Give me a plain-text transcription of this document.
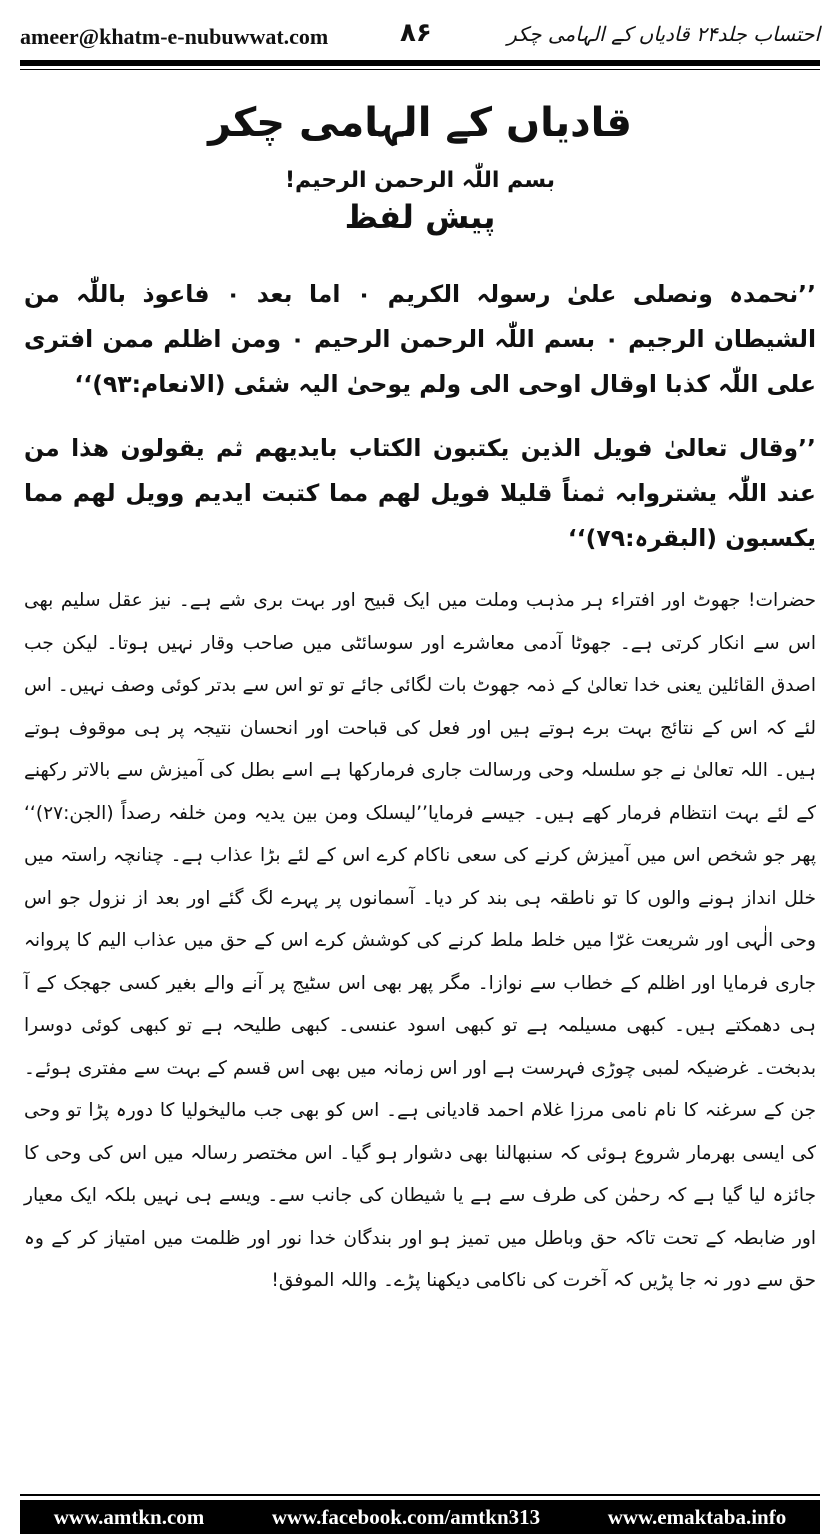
ameer@khatm-e-nubuwwat.com	۸۶	احتساب جلد۲۴ قادیاں کے الہامی چکر
قادیاں کے الہامی چکر
بسم اللّٰہ الرحمن الرحیم!
پیش لفظ

’’نحمدہ ونصلی علیٰ رسولہ الکریم ۰ اما بعد ۰ فاعوذ باللّٰہ من الشیطان الرجیم ۰ بسم اللّٰہ الرحمن الرحیم ۰ ومن اظلم ممن افتری علی اللّٰہ کذبا اوقال اوحی الی ولم یوحیٰ الیہ شئی (الانعام:۹۳)‘‘

’’وقال تعالیٰ فویل الذین یکتبون الکتاب بایدیھم ثم یقولون ھذا من عند اللّٰہ یشتروابہ ثمناً قلیلا فویل لھم مما کتبت ایدیم وویل لھم مما یکسبون (البقرہ:۷۹)‘‘

حضرات! جھوٹ اور افتراء ہر مذہب وملت میں ایک قبیح اور بہت بری شے ہے۔ نیز عقل سلیم بھی اس سے انکار کرتی ہے۔ جھوٹا آدمی معاشرے اور سوسائٹی میں صاحب وقار نہیں ہوتا۔ لیکن جب اصدق القائلین یعنی خدا تعالیٰ کے ذمہ جھوٹ بات لگائی جائے تو تو اس سے بدتر کوئی وصف نہیں۔ اس لئے کہ اس کے نتائج بہت برے ہوتے ہیں اور فعل کی قباحت اور انحسان نتیجہ پر ہی موقوف ہوتے ہیں۔ اللہ تعالیٰ نے جو سلسلہ وحی ورسالت جاری فرمارکھا ہے اسے بطل کی آمیزش سے بالاتر رکھنے کے لئے بہت انتظام فرمار کھے ہیں۔ جیسے فرمایا’’لیسلک ومن بین یدیہ ومن خلفہ رصداً (الجن:۲۷)‘‘ پھر جو شخص اس میں آمیزش کرنے کی سعی ناکام کرے اس کے لئے بڑا عذاب ہے۔ چنانچہ راستہ میں خلل انداز ہونے والوں کا تو ناطقہ ہی بند کر دیا۔ آسمانوں پر پہرے لگ گئے اور بعد از نزول جو اس وحی الٰہی اور شریعت غرّا میں خلط ملط کرنے کی کوشش کرے اس کے حق میں عذاب الیم کا پروانہ جاری فرمایا اور اظلم کے خطاب سے نوازا۔ مگر پھر بھی اس سٹیج پر آنے والے بغیر کسی جھجک کے آ ہی دھمکتے ہیں۔ کبھی مسیلمہ ہے تو کبھی اسود عنسی۔ کبھی طلیحہ ہے تو کبھی کوئی دوسرا بدبخت۔ غرضیکہ لمبی چوڑی فہرست ہے اور اس زمانہ میں بھی اس قسم کے بہت سے مفتری ہوئے۔ جن کے سرغنہ کا نام نامی مرزا غلام احمد قادیانی ہے۔ اس کو بھی جب مالیخولیا کا دورہ پڑا تو وحی کی ایسی بھرمار شروع ہوئی کہ سنبھالنا بھی دشوار ہو گیا۔ اس مختصر رسالہ میں اس کی وحی کا جائزہ لیا گیا ہے کہ رحمٰن کی طرف سے ہے یا شیطان کی جانب سے۔ ویسے ہی نہیں بلکہ ایک معیار اور ضابطہ کے تحت تاکہ حق وباطل میں تمیز ہو اور بندگان خدا نور اور ظلمت میں امتیاز کر کے وہ حق سے دور نہ جا پڑیں کہ آخرت کی ناکامی دیکھنا پڑے۔ واللہ الموفق!

www.amtkn.com	www.facebook.com/amtkn313	www.emaktaba.info
